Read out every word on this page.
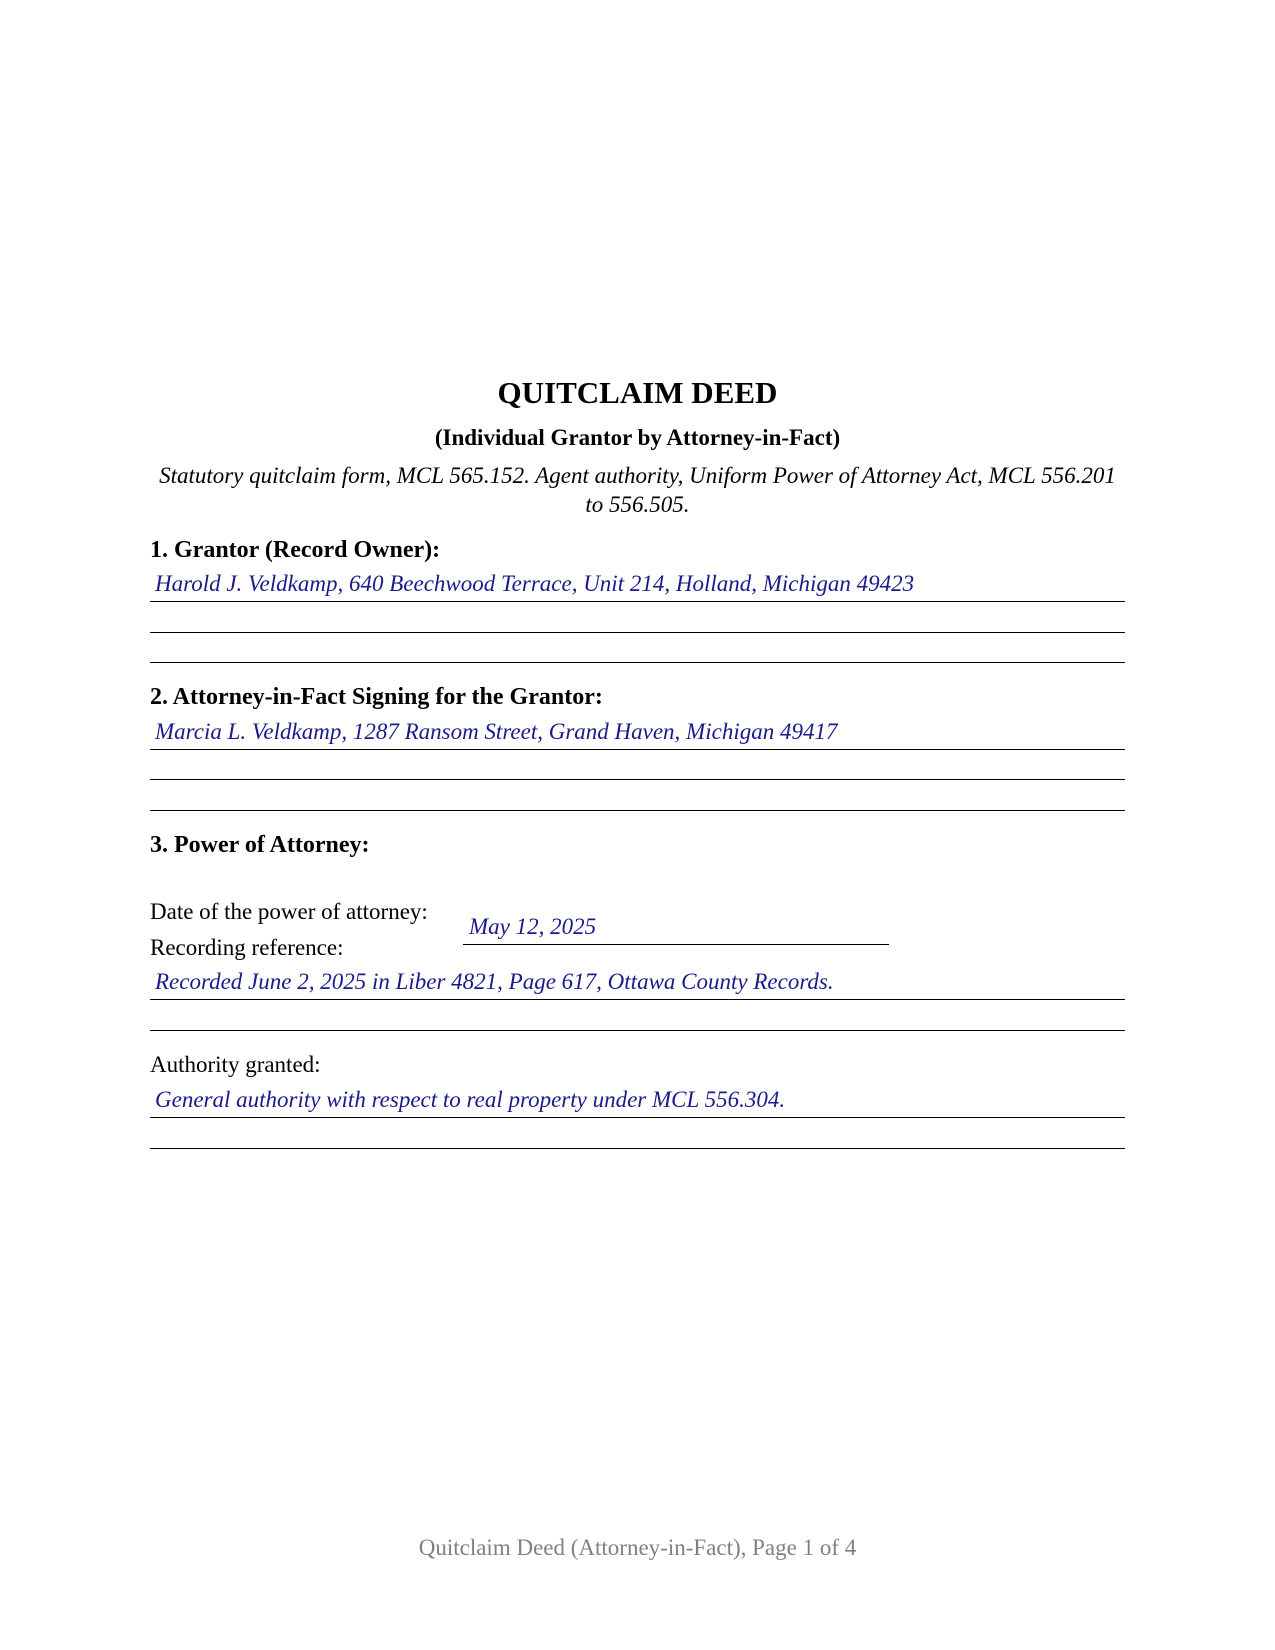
QUITCLAIM DEED
(Individual Grantor by Attorney-in-Fact)
Statutory quitclaim form, MCL 565.152. Agent authority, Uniform Power of Attorney Act, MCL 556.201 to 556.505.
1. Grantor (Record Owner):
Harold J. Veldkamp, 640 Beechwood Terrace, Unit 214, Holland, Michigan 49423
2. Attorney-in-Fact Signing for the Grantor:
Marcia L. Veldkamp, 1287 Ransom Street, Grand Haven, Michigan 49417
3. Power of Attorney:
Date of the power of attorney:
May 12, 2025
Recording reference:
Recorded June 2, 2025 in Liber 4821, Page 617, Ottawa County Records.
Authority granted:
General authority with respect to real property under MCL 556.304.
Quitclaim Deed (Attorney-in-Fact), Page 1 of 4
